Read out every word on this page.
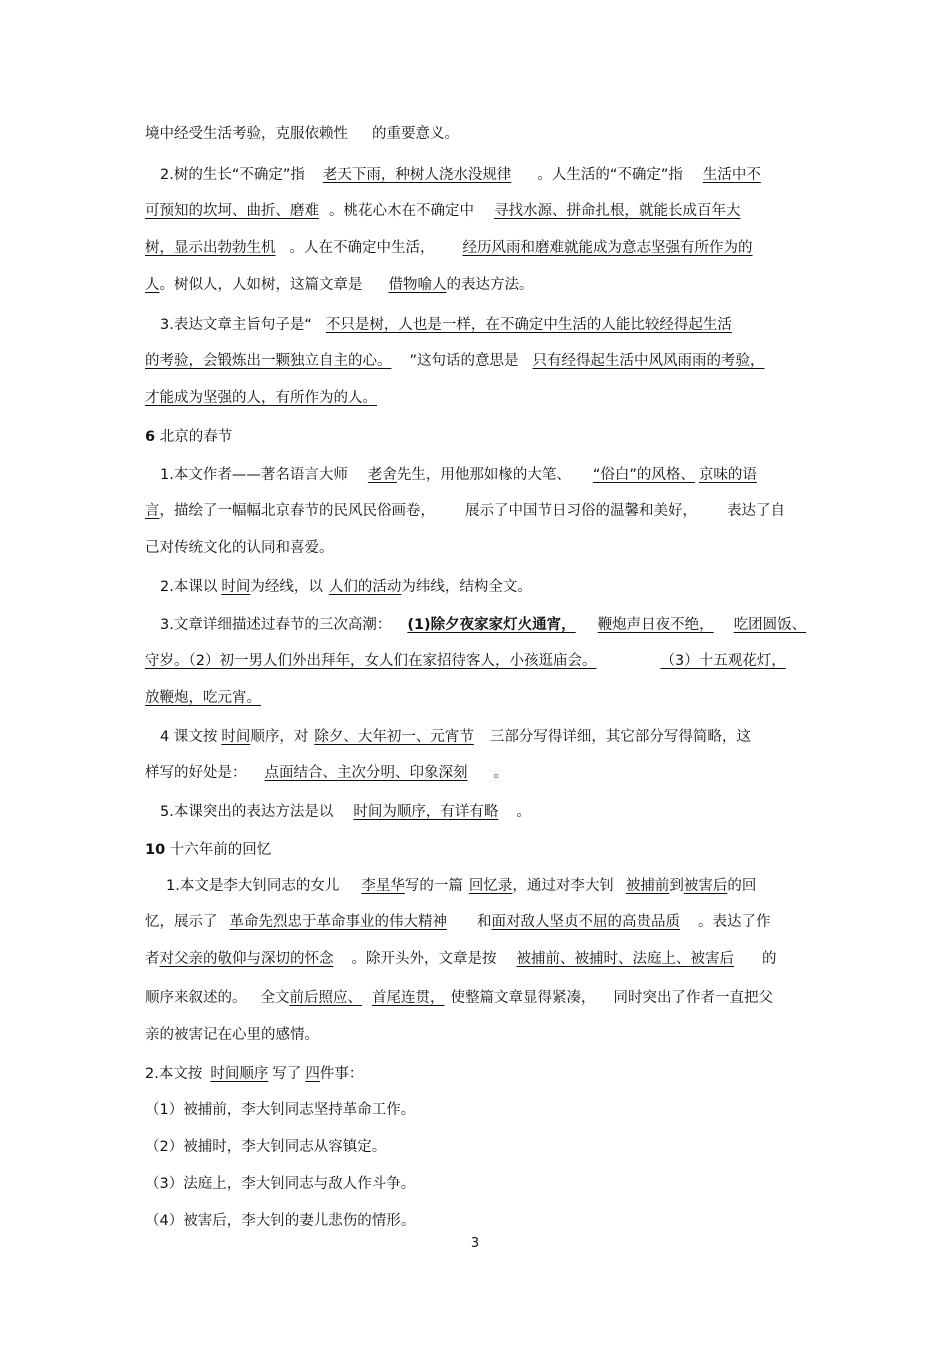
境中经受生活考验，克服依赖性 的重要意义。
2.树的生长“不确定”指 老天下雨，种树人浇水没规律 。人生活的“不确定”指 生活中不
可预知的坎坷、曲折、磨难 。桃花心木在不确定中 寻找水源、拼命扎根，就能长成百年大
树，显示出勃勃生机 。人在不确定中生活， 经历风雨和磨难就能成为意志坚强有所作为的
人。树似人，人如树，这篇文章是 借物喻人的表达方法。
3.表达文章主旨句子是“ 不只是树，人也是一样，在不确定中生活的人能比较经得起生活
的考验，会锻炼出一颗独立自主的心。 ”这句话的意思是 只有经得起生活中风风雨雨的考验，
才能成为坚强的人，有所作为的人。
6 北京的春节
1.本文作者——著名语言大师 老舍先生，用他那如椽的大笔、 “俗白”的风格、 京味的语
言，描绘了一幅幅北京春节的民风民俗画卷， 展示了中国节日习俗的温馨和美好， 表达了自
己对传统文化的认同和喜爱。
2.本课以 时间为经线，以 人们的活动为纬线，结构全文。
3.文章详细描述过春节的三次高潮： (1)除夕夜家家灯火通宵， 鞭炮声日夜不绝， 吃团圆饭、
守岁。（2）初一男人们外出拜年，女人们在家招待客人，小孩逛庙会。	（3）十五观花灯，
放鞭炮，吃元宵。
4 课文按 时间顺序，对 除夕、大年初一、元宵节 三部分写得详细，其它部分写得简略，这
样写的好处是： 点面结合、主次分明、印象深刻 。
5.本课突出的表达方法是以 时间为顺序，有详有略 。
10 十六年前的回忆
1.本文是李大钊同志的女儿 李星华写的一篇 回忆录，通过对李大钊 被捕前到被害后的回
忆，展示了 革命先烈忠于革命事业的伟大精神 和面对敌人坚贞不屈的高贵品质 。表达了作
者对父亲的敬仰与深切的怀念 。除开头外，文章是按 被捕前、被捕时、法庭上、被害后 的
顺序来叙述的。 全文前后照应、 首尾连贯， 使整篇文章显得紧凑， 同时突出了作者一直把父
亲的被害记在心里的感情。
2.本文按 时间顺序 写了 四件事：
（1）被捕前，李大钊同志坚持革命工作。
（2）被捕时，李大钊同志从容镇定。
（3）法庭上，李大钊同志与敌人作斗争。
（4）被害后，李大钊的妻儿悲伤的情形。
3
